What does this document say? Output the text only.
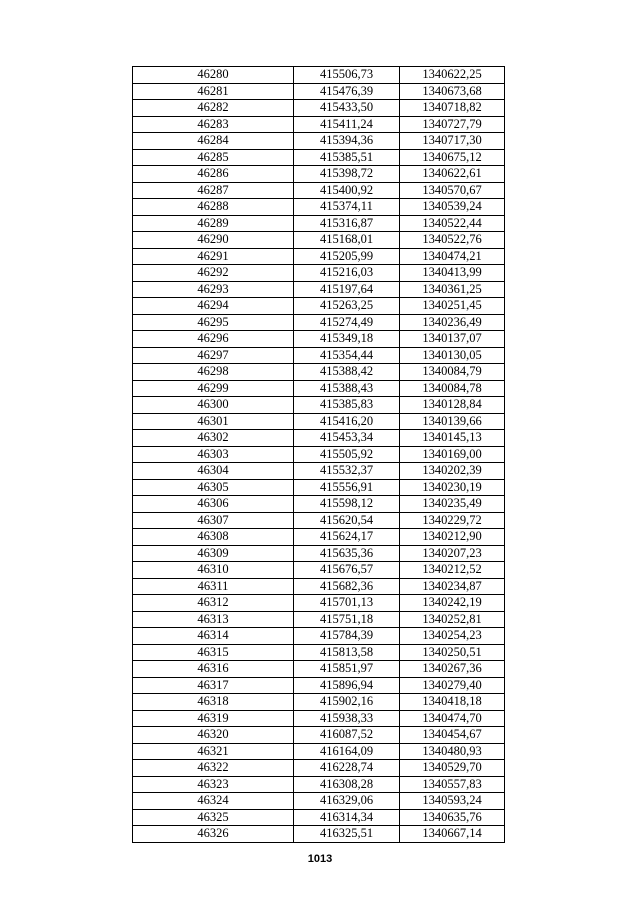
46280	415506,73	1340622,25
46281	415476,39	1340673,68
46282	415433,50	1340718,82
46283	415411,24	1340727,79
46284	415394,36	1340717,30
46285	415385,51	1340675,12
46286	415398,72	1340622,61
46287	415400,92	1340570,67
46288	415374,11	1340539,24
46289	415316,87	1340522,44
46290	415168,01	1340522,76
46291	415205,99	1340474,21
46292	415216,03	1340413,99
46293	415197,64	1340361,25
46294	415263,25	1340251,45
46295	415274,49	1340236,49
46296	415349,18	1340137,07
46297	415354,44	1340130,05
46298	415388,42	1340084,79
46299	415388,43	1340084,78
46300	415385,83	1340128,84
46301	415416,20	1340139,66
46302	415453,34	1340145,13
46303	415505,92	1340169,00
46304	415532,37	1340202,39
46305	415556,91	1340230,19
46306	415598,12	1340235,49
46307	415620,54	1340229,72
46308	415624,17	1340212,90
46309	415635,36	1340207,23
46310	415676,57	1340212,52
46311	415682,36	1340234,87
46312	415701,13	1340242,19
46313	415751,18	1340252,81
46314	415784,39	1340254,23
46315	415813,58	1340250,51
46316	415851,97	1340267,36
46317	415896,94	1340279,40
46318	415902,16	1340418,18
46319	415938,33	1340474,70
46320	416087,52	1340454,67
46321	416164,09	1340480,93
46322	416228,74	1340529,70
46323	416308,28	1340557,83
46324	416329,06	1340593,24
46325	416314,34	1340635,76
46326	416325,51	1340667,14
1013
